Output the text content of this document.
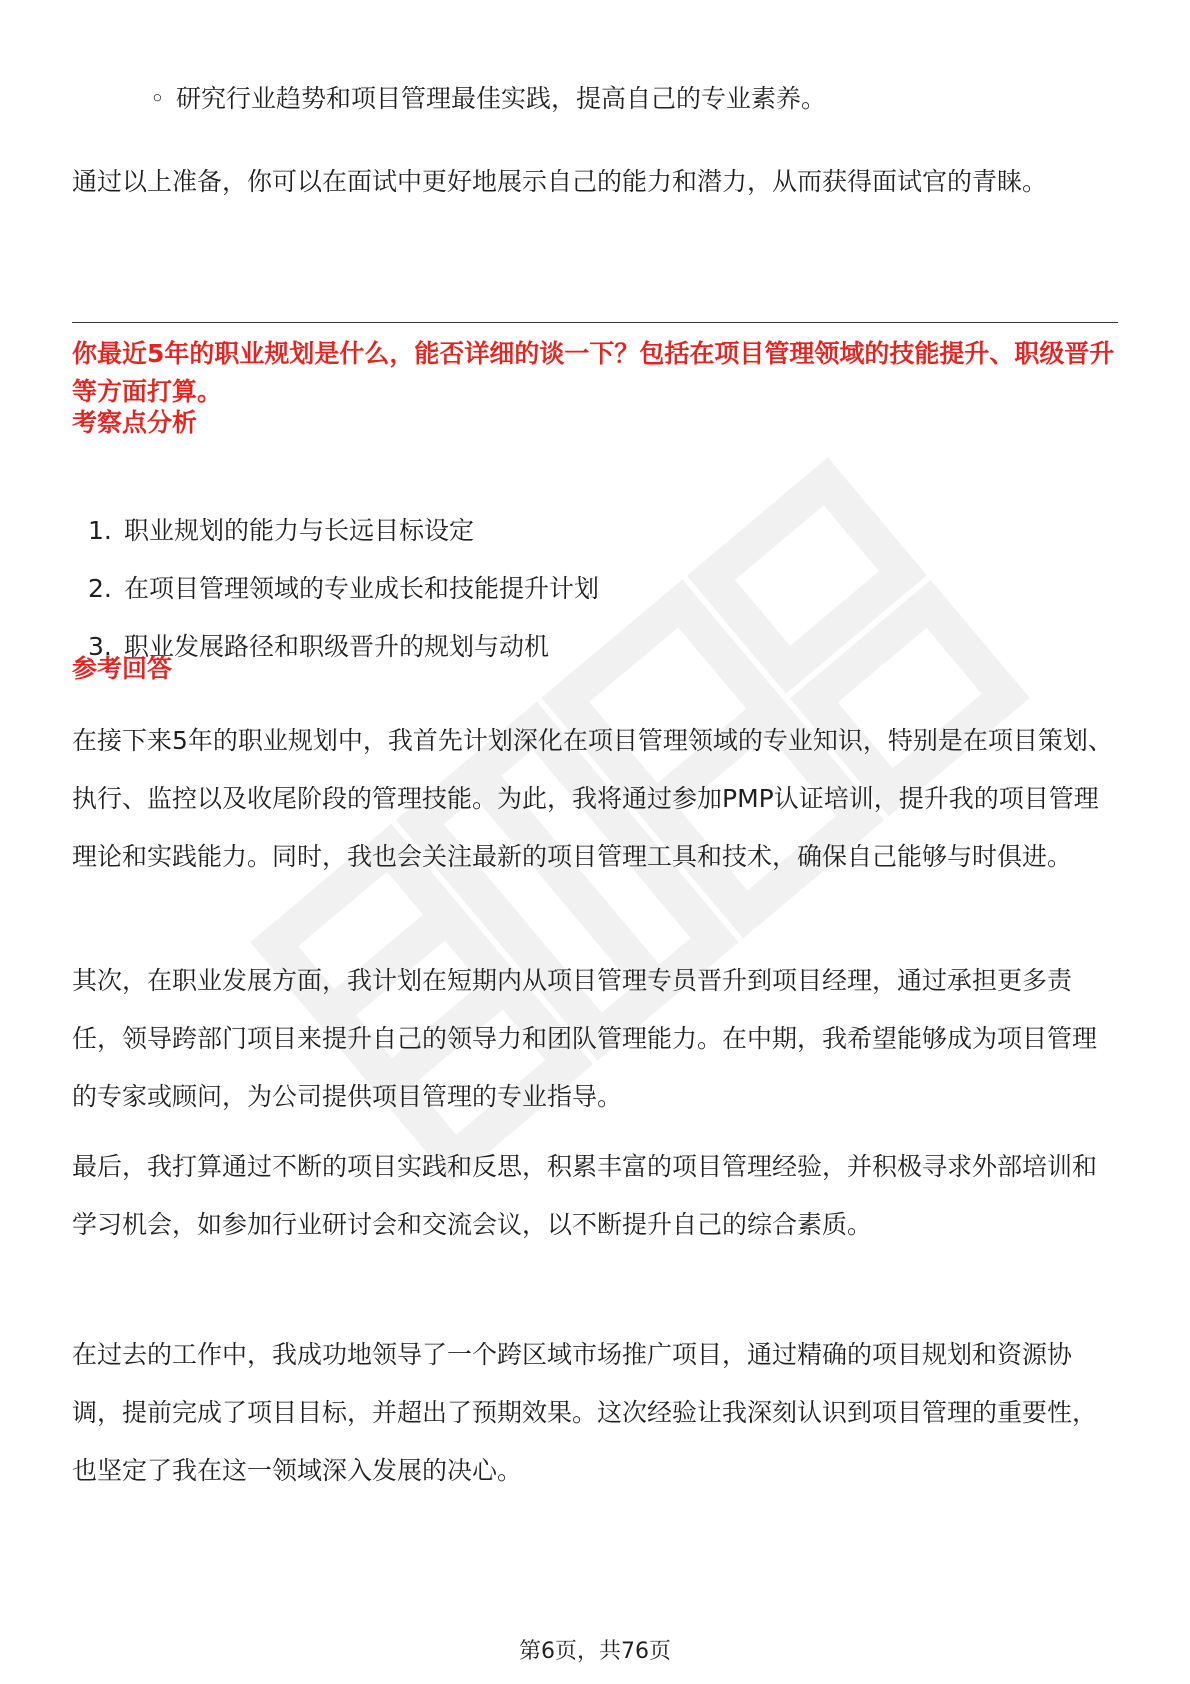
◦ 研究行业趋势和项目管理最佳实践，提高自己的专业素养。

通过以上准备，你可以在面试中更好地展示自己的能力和潜力，从而获得面试官的青睐。

你最近5年的职业规划是什么，能否详细的谈一下？包括在项目管理领域的技能提升、职级晋升等方面打算。
考察点分析
1. 职业规划的能力与长远目标设定
2. 在项目管理领域的专业成长和技能提升计划
3. 职业发展路径和职级晋升的规划与动机
参考回答

在接下来5年的职业规划中，我首先计划深化在项目管理领域的专业知识，特别是在项目策划、执行、监控以及收尾阶段的管理技能。为此，我将通过参加PMP认证培训，提升我的项目管理理论和实践能力。同时，我也会关注最新的项目管理工具和技术，确保自己能够与时俱进。

其次，在职业发展方面，我计划在短期内从项目管理专员晋升到项目经理，通过承担更多责任，领导跨部门项目来提升自己的领导力和团队管理能力。在中期，我希望能够成为项目管理的专家或顾问，为公司提供项目管理的专业指导。

最后，我打算通过不断的项目实践和反思，积累丰富的项目管理经验，并积极寻求外部培训和学习机会，如参加行业研讨会和交流会议，以不断提升自己的综合素质。

在过去的工作中，我成功地领导了一个跨区域市场推广项目，通过精确的项目规划和资源协调，提前完成了项目目标，并超出了预期效果。这次经验让我深刻认识到项目管理的重要性，也坚定了我在这一领域深入发展的决心。

第6页，共76页
